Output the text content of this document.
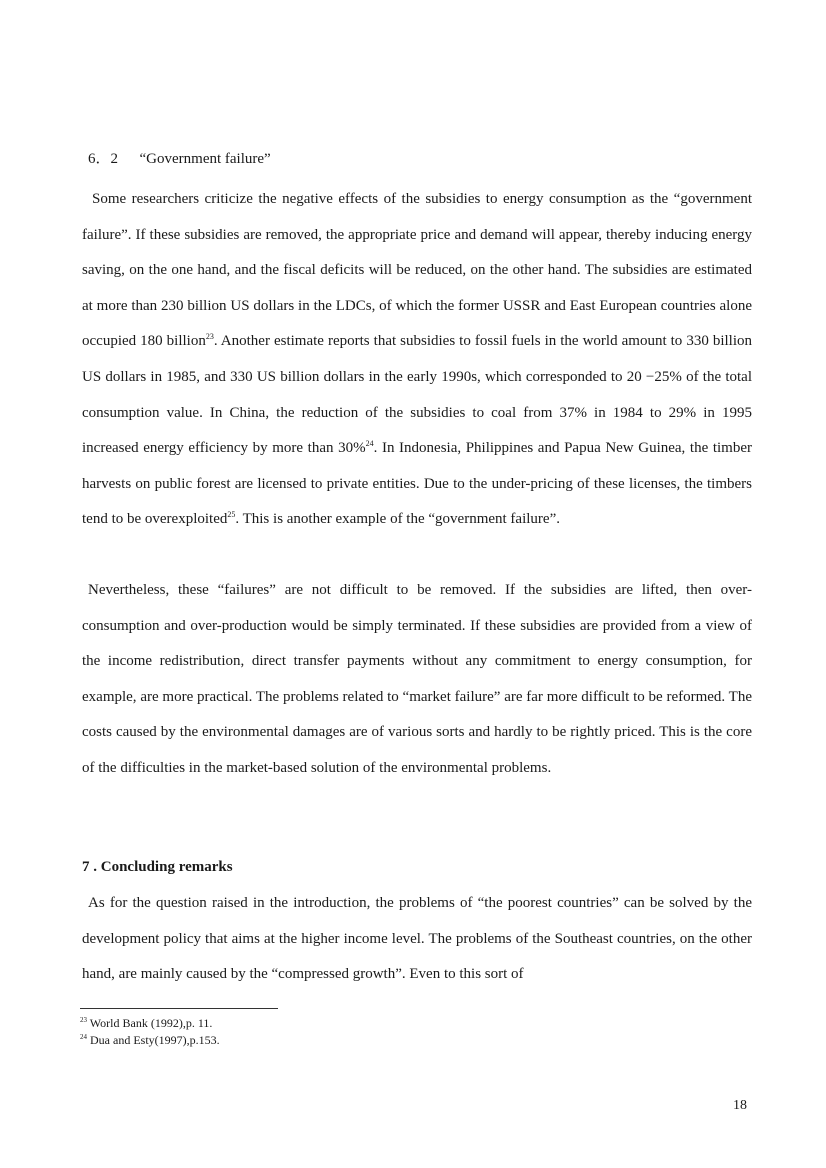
6．2 “Government failure”

Some researchers criticize the negative effects of the subsidies to energy consumption as the “government failure”. If these subsidies are removed, the appropriate price and demand will appear, thereby inducing energy saving, on the one hand, and the fiscal deficits will be reduced, on the other hand. The subsidies are estimated at more than 230 billion US dollars in the LDCs, of which the former USSR and East European countries alone occupied 180 billion$^{23}$. Another estimate reports that subsidies to fossil fuels in the world amount to 330 billion US dollars in 1985, and 330 US billion dollars in the early 1990s, which corresponded to 20 −25% of the total consumption value. In China, the reduction of the subsidies to coal from 37% in 1984 to 29% in 1995 increased energy efficiency by more than 30%$^{24}$. In Indonesia, Philippines and Papua New Guinea, the timber harvests on public forest are licensed to private entities. Due to the under-pricing of these licenses, the timbers tend to be overexploited$^{25}$. This is another example of the “government failure”.

Nevertheless, these “failures” are not difficult to be removed. If the subsidies are lifted, then over-consumption and over-production would be simply terminated. If these subsidies are provided from a view of the income redistribution, direct transfer payments without any commitment to energy consumption, for example, are more practical. The problems related to “market failure” are far more difficult to be reformed. The costs caused by the environmental damages are of various sorts and hardly to be rightly priced. This is the core of the difficulties in the market-based solution of the environmental problems.

7 . Concluding remarks

As for the question raised in the introduction, the problems of “the poorest countries” can be solved by the development policy that aims at the higher income level. The problems of the Southeast countries, on the other hand, are mainly caused by the “compressed growth”. Even to this sort of

$^{23}$ World Bank (1992),p. 11.
$^{24}$ Dua and Esty(1997),p.153.
18
